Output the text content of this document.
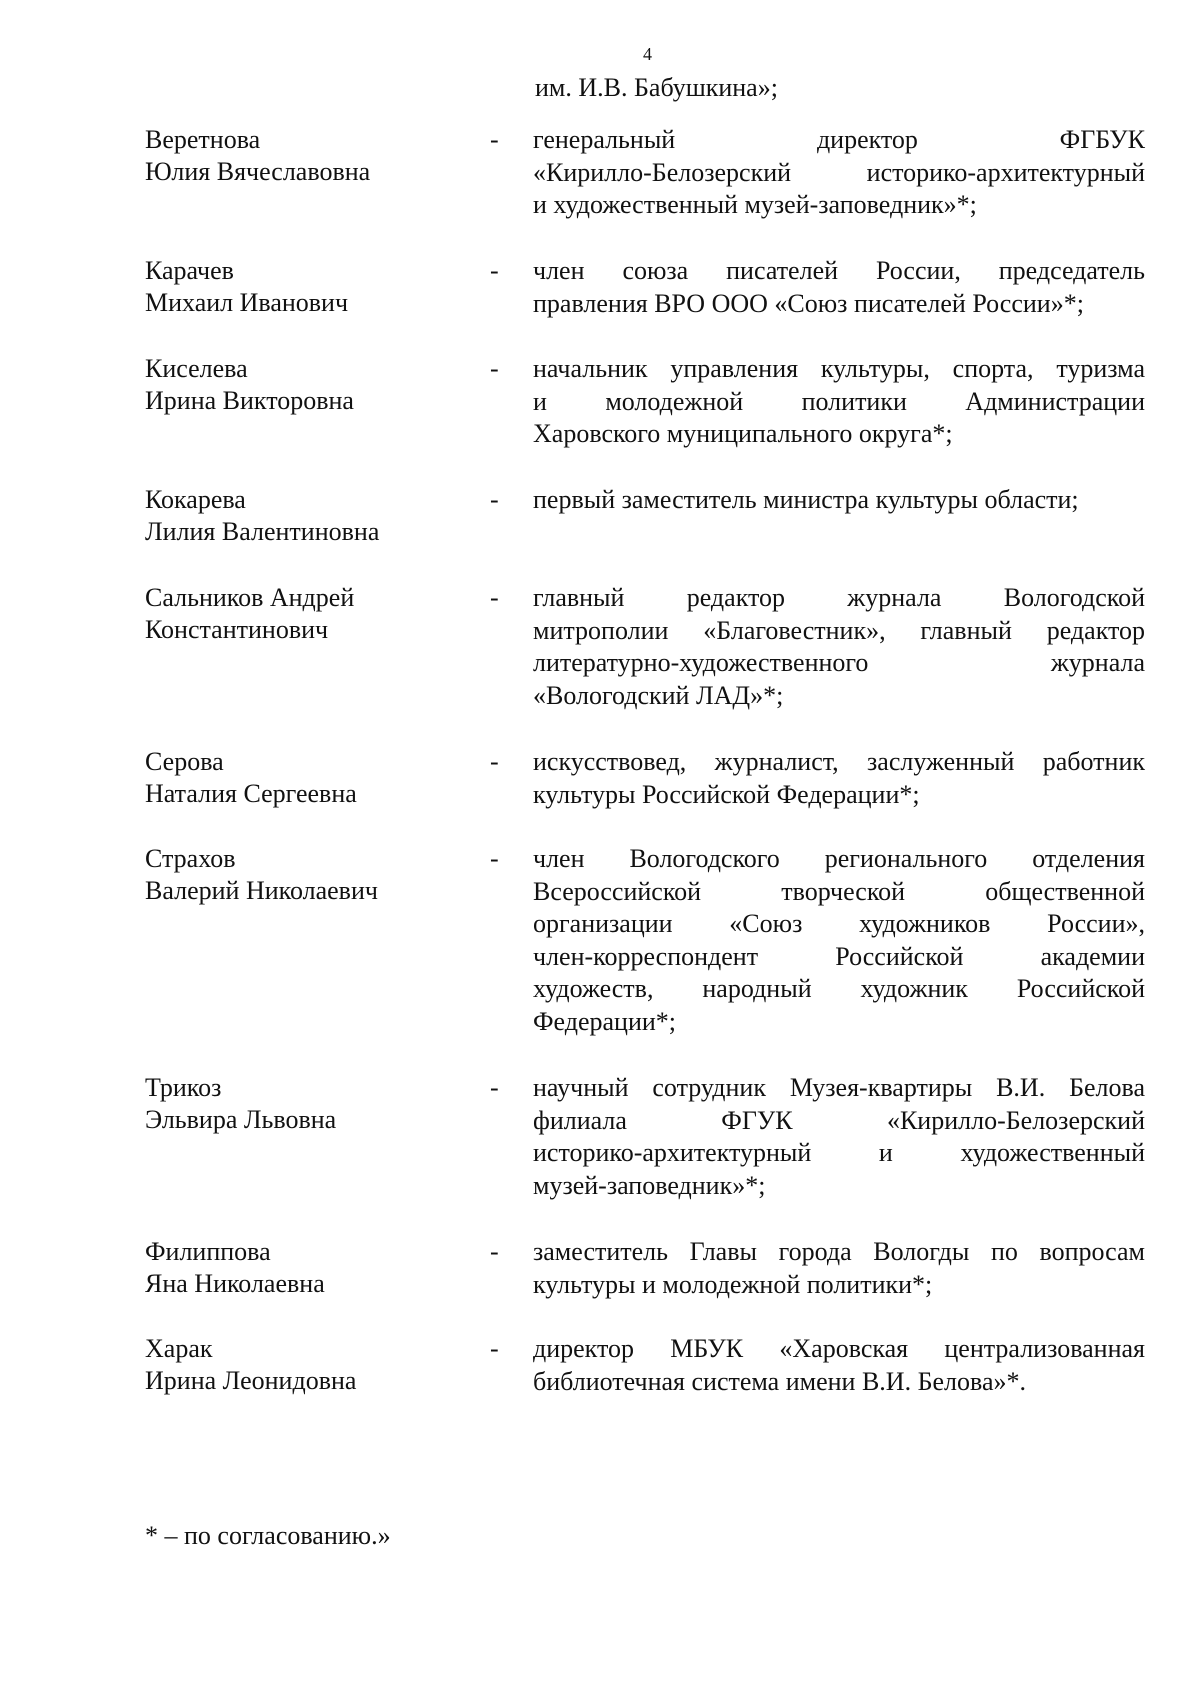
4
им. И.В. Бабушкина»;
Веретнова
Юлия Вячеславовна
- генеральный директор ФГБУК
«Кирилло-Белозерский историко-архитектурный
и художественный музей-заповедник»*;
Карачев
Михаил Иванович
- член союза писателей России, председатель
правления ВРО ООО «Союз писателей России»*;
Киселева
Ирина Викторовна
- начальник управления культуры, спорта, туризма
и молодежной политики Администрации
Харовского муниципального округа*;
Кокарева
Лилия Валентиновна
- первый заместитель министра культуры области;
Сальников Андрей
Константинович
- главный редактор журнала Вологодской
митрополии «Благовестник», главный редактор
литературно-художественного журнала
«Вологодский ЛАД»*;
Серова
Наталия Сергеевна
- искусствовед, журналист, заслуженный работник
культуры Российской Федерации*;
Страхов
Валерий Николаевич
- член Вологодского регионального отделения
Всероссийской творческой общественной
организации «Союз художников России»,
член-корреспондент Российской академии
художеств, народный художник Российской
Федерации*;
Трикоз
Эльвира Львовна
- научный сотрудник Музея-квартиры В.И. Белова
филиала ФГУК «Кирилло-Белозерский
историко-архитектурный и художественный
музей-заповедник»*;
Филиппова
Яна Николаевна
- заместитель Главы города Вологды по вопросам
культуры и молодежной политики*;
Харак
Ирина Леонидовна
- директор МБУК «Харовская централизованная
библиотечная система имени В.И. Белова»*.
* – по согласованию.»
